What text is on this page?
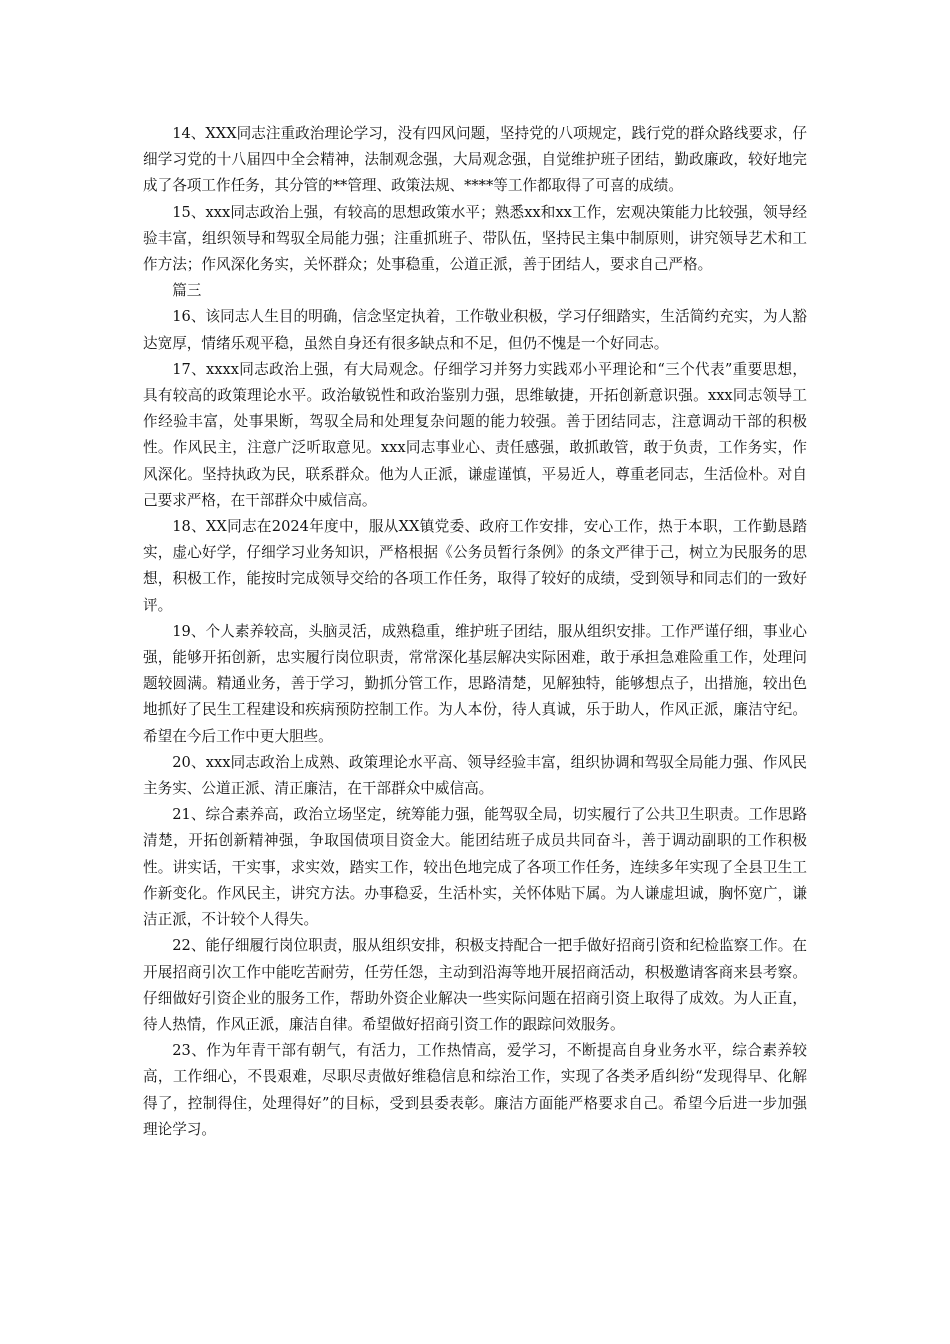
14、XXX同志注重政治理论学习，没有四风问题，坚持党的八项规定，践行党的群众路线要求，仔细学习党的十八届四中全会精神，法制观念强，大局观念强，自觉维护班子团结，勤政廉政，较好地完成了各项工作任务，其分管的**管理、政策法规、****等工作都取得了可喜的成绩。

15、xxx同志政治上强，有较高的思想政策水平；熟悉xx和xx工作，宏观决策能力比较强，领导经验丰富，组织领导和驾驭全局能力强；注重抓班子、带队伍，坚持民主集中制原则，讲究领导艺术和工作方法；作风深化务实，关怀群众；处事稳重，公道正派，善于团结人，要求自己严格。

篇三

16、该同志人生目的明确，信念坚定执着，工作敬业积极，学习仔细踏实，生活简约充实，为人豁达宽厚，情绪乐观平稳，虽然自身还有很多缺点和不足，但仍不愧是一个好同志。

17、xxxx同志政治上强，有大局观念。仔细学习并努力实践邓小平理论和“三个代表”重要思想，具有较高的政策理论水平。政治敏锐性和政治鉴别力强，思维敏捷，开拓创新意识强。xxx同志领导工作经验丰富，处事果断，驾驭全局和处理复杂问题的能力较强。善于团结同志，注意调动干部的积极性。作风民主，注意广泛听取意见。xxx同志事业心、责任感强，敢抓敢管，敢于负责，工作务实，作风深化。坚持执政为民，联系群众。他为人正派，谦虚谨慎，平易近人，尊重老同志，生活俭朴。对自己要求严格，在干部群众中威信高。

18、XX同志在2024年度中，服从XX镇党委、政府工作安排，安心工作，热于本职，工作勤恳踏实，虚心好学，仔细学习业务知识，严格根据《公务员暂行条例》的条文严律于己，树立为民服务的思想，积极工作，能按时完成领导交给的各项工作任务，取得了较好的成绩，受到领导和同志们的一致好评。

19、个人素养较高，头脑灵活，成熟稳重，维护班子团结，服从组织安排。工作严谨仔细，事业心强，能够开拓创新，忠实履行岗位职责，常常深化基层解决实际困难，敢于承担急难险重工作，处理问题较圆满。精通业务，善于学习，勤抓分管工作，思路清楚，见解独特，能够想点子，出措施，较出色地抓好了民生工程建设和疾病预防控制工作。为人本份，待人真诚，乐于助人，作风正派，廉洁守纪。希望在今后工作中更大胆些。

20、xxx同志政治上成熟、政策理论水平高、领导经验丰富，组织协调和驾驭全局能力强、作风民主务实、公道正派、清正廉洁，在干部群众中威信高。

21、综合素养高，政治立场坚定，统筹能力强，能驾驭全局，切实履行了公共卫生职责。工作思路清楚，开拓创新精神强，争取国债项目资金大。能团结班子成员共同奋斗，善于调动副职的工作积极性。讲实话，干实事，求实效，踏实工作，较出色地完成了各项工作任务，连续多年实现了全县卫生工作新变化。作风民主，讲究方法。办事稳妥，生活朴实，关怀体贴下属。为人谦虚坦诚，胸怀宽广，谦洁正派，不计较个人得失。

22、能仔细履行岗位职责，服从组织安排，积极支持配合一把手做好招商引资和纪检监察工作。在开展招商引次工作中能吃苦耐劳，任劳任怨，主动到沿海等地开展招商活动，积极邀请客商来县考察。仔细做好引资企业的服务工作，帮助外资企业解决一些实际问题在招商引资上取得了成效。为人正直，待人热情，作风正派，廉洁自律。希望做好招商引资工作的跟踪问效服务。

23、作为年青干部有朝气，有活力，工作热情高，爱学习，不断提高自身业务水平，综合素养较高，工作细心，不畏艰难，尽职尽责做好维稳信息和综治工作，实现了各类矛盾纠纷“发现得早、化解得了，控制得住，处理得好”的目标，受到县委表彰。廉洁方面能严格要求自己。希望今后进一步加强理论学习。
